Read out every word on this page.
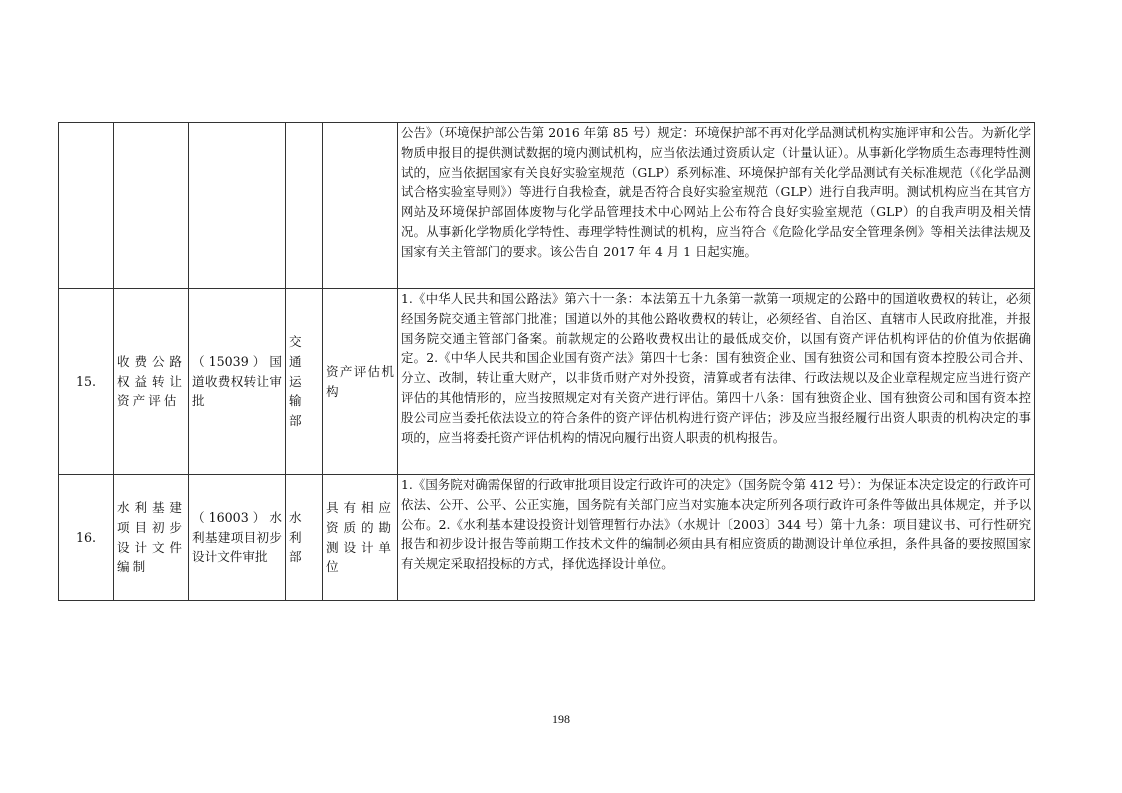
					公告》（环境保护部公告第 2016 年第 85 号）规定：环境保护部不再对化学品测试机构实施评审和公告。为新化学物质申报目的提供测试数据的境内测试机构，应当依法通过资质认定（计量认证）。从事新化学物质生态毒理特性测试的，应当依据国家有关良好实验室规范（GLP）系列标准、环境保护部有关化学品测试有关标准规范（《化学品测试合格实验室导则》）等进行自我检查，就是否符合良好实验室规范（GLP）进行自我声明。测试机构应当在其官方网站及环境保护部固体废物与化学品管理技术中心网站上公布符合良好实验室规范（GLP）的自我声明及相关情况。从事新化学物质化学特性、毒理学特性测试的机构，应当符合《危险化学品安全管理条例》等相关法律法规及国家有关主管部门的要求。该公告自 2017 年 4 月 1 日起实施。
15.	收费公路权益转让资产评估	（15039）国道收费权转让审批	交通运输部	资产评估机构	1.《中华人民共和国公路法》第六十一条：本法第五十九条第一款第一项规定的公路中的国道收费权的转让，必须经国务院交通主管部门批准；国道以外的其他公路收费权的转让，必须经省、自治区、直辖市人民政府批准，并报国务院交通主管部门备案。前款规定的公路收费权出让的最低成交价，以国有资产评估机构评估的价值为依据确定。2.《中华人民共和国企业国有资产法》第四十七条：国有独资企业、国有独资公司和国有资本控股公司合并、分立、改制，转让重大财产，以非货币财产对外投资，清算或者有法律、行政法规以及企业章程规定应当进行资产评估的其他情形的，应当按照规定对有关资产进行评估。第四十八条：国有独资企业、国有独资公司和国有资本控股公司应当委托依法设立的符合条件的资产评估机构进行资产评估；涉及应当报经履行出资人职责的机构决定的事项的，应当将委托资产评估机构的情况向履行出资人职责的机构报告。
16.	水利基建项目初步设计文件编制	（16003）水利基建项目初步设计文件审批	水利部	具有相应资质的勘测设计单位	1.《国务院对确需保留的行政审批项目设定行政许可的决定》（国务院令第 412 号）：为保证本决定设定的行政许可依法、公开、公平、公正实施，国务院有关部门应当对实施本决定所列各项行政许可条件等做出具体规定，并予以公布。2.《水利基本建设投资计划管理暂行办法》（水规计〔2003〕344 号）第十九条：项目建议书、可行性研究报告和初步设计报告等前期工作技术文件的编制必须由具有相应资质的勘测设计单位承担，条件具备的要按照国家有关规定采取招投标的方式，择优选择设计单位。
198
